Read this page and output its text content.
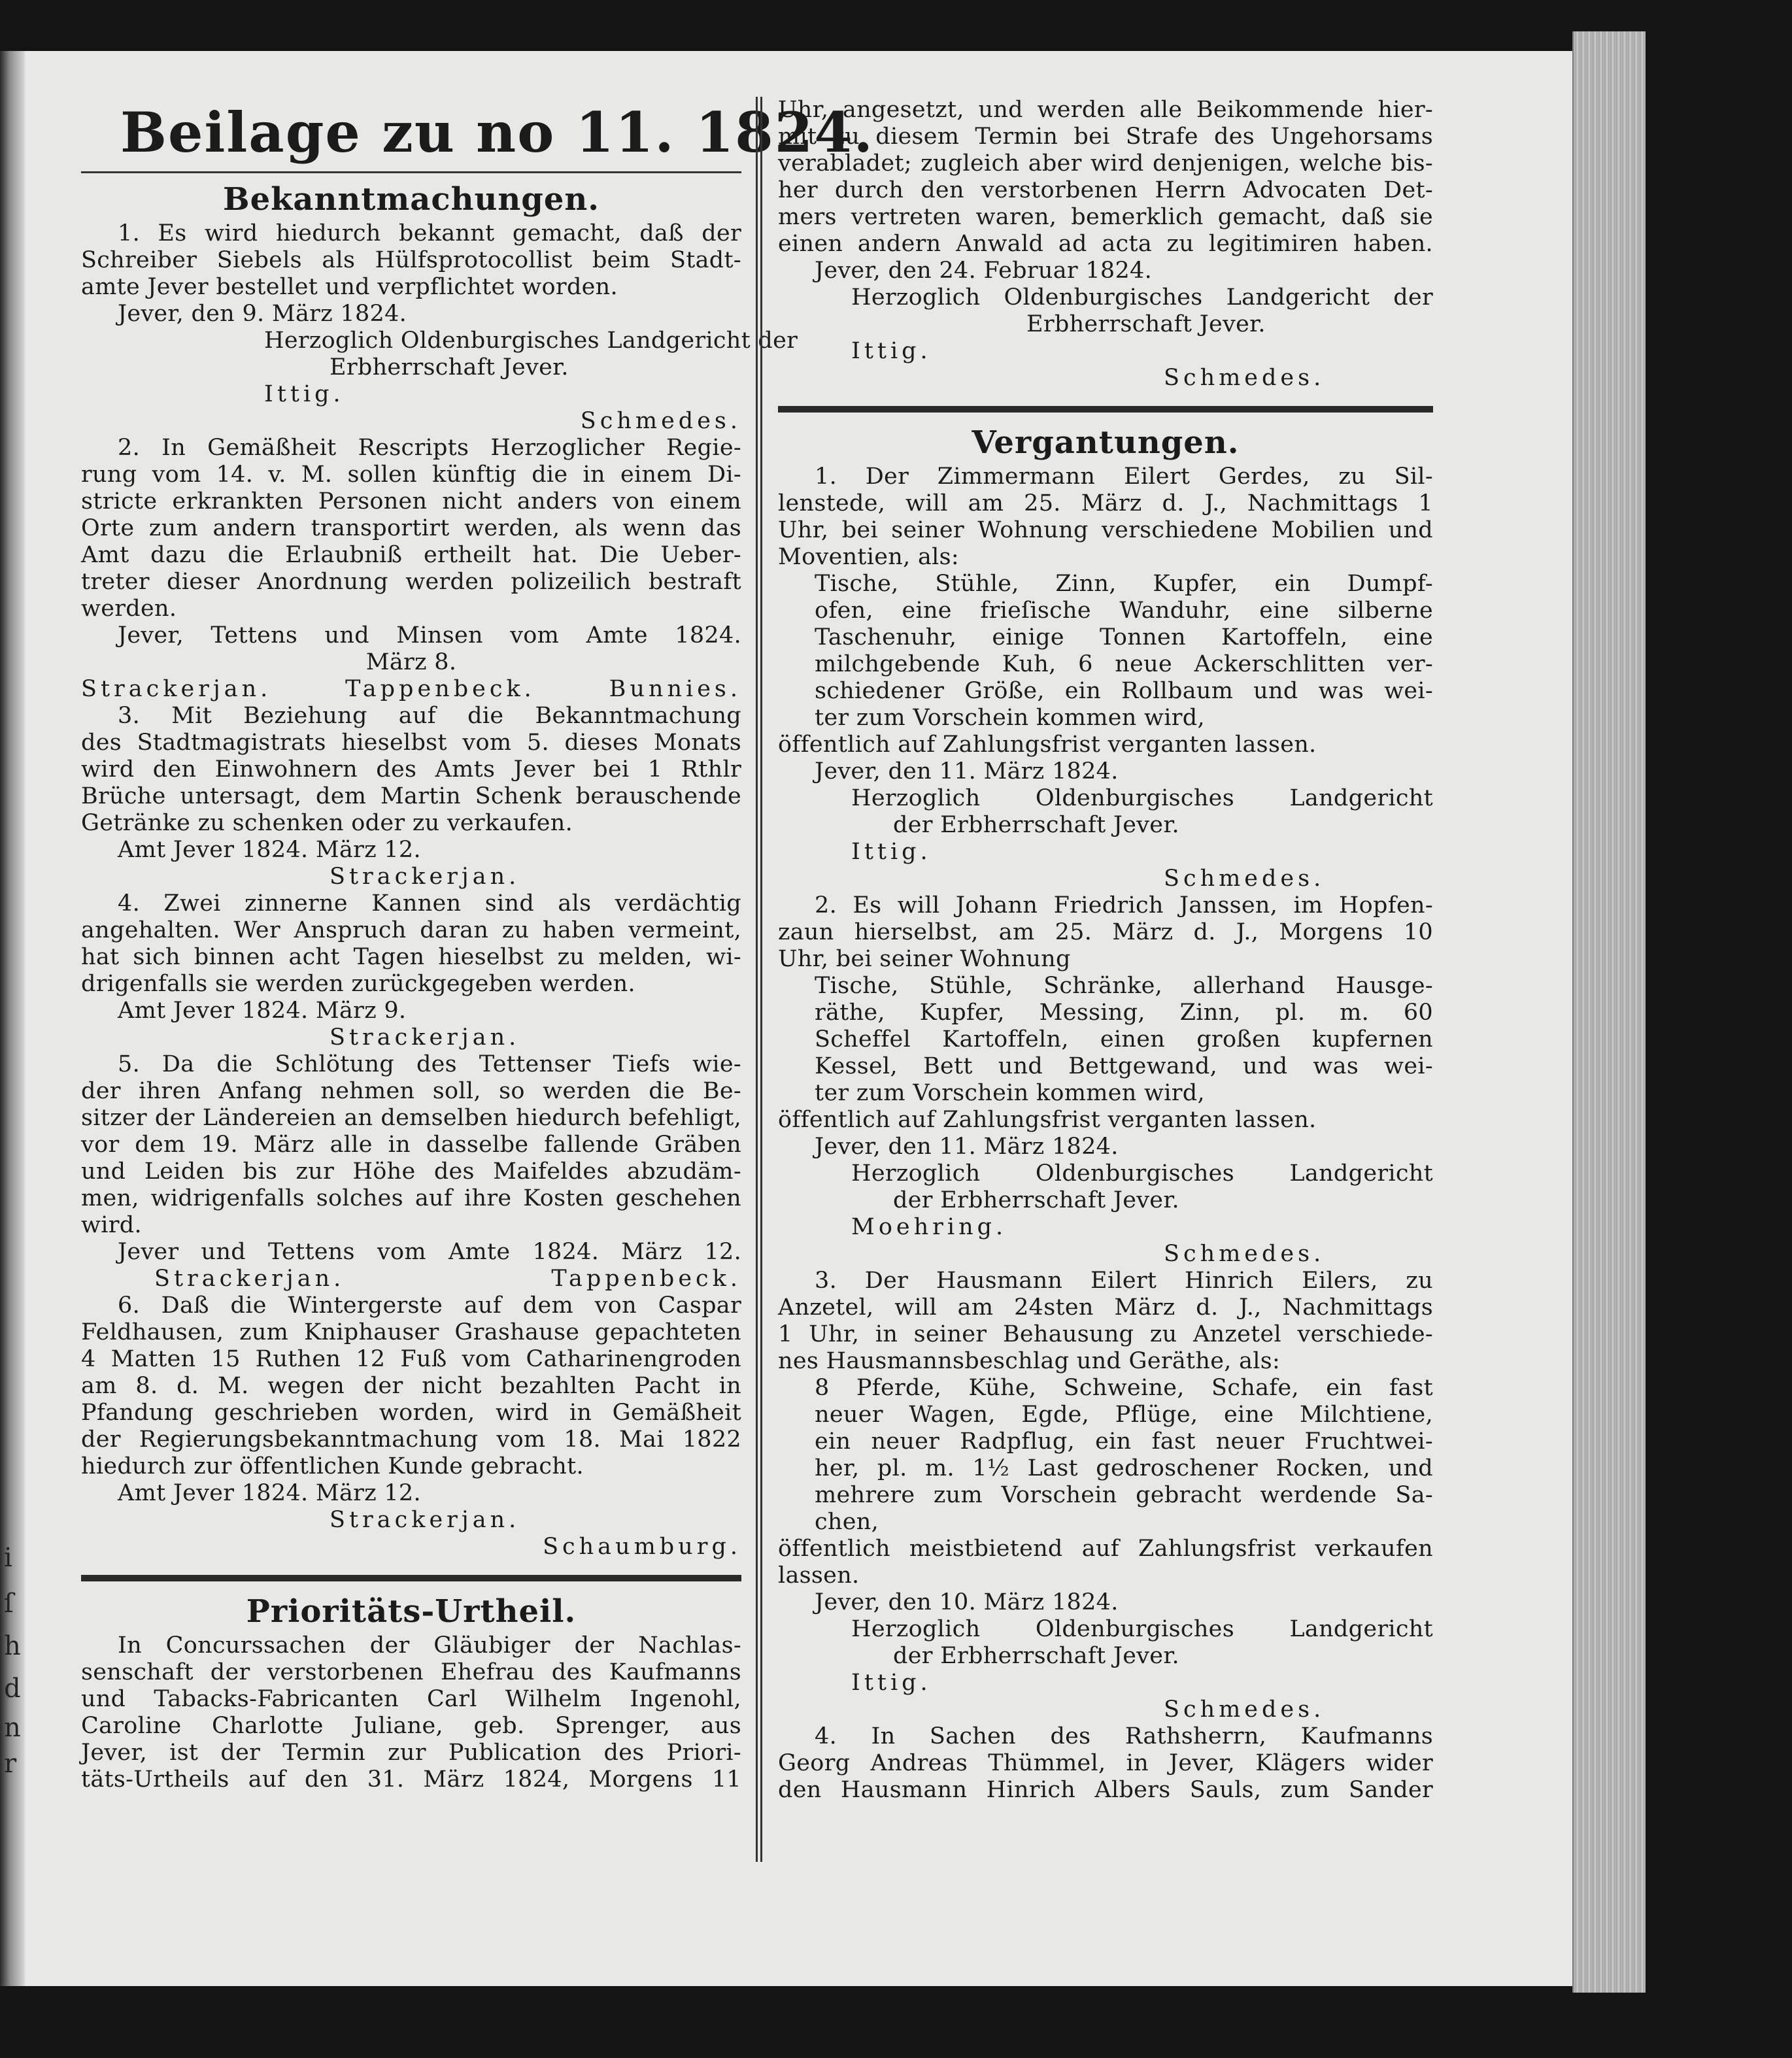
i
ſ
h
d
n
r
Beilage zu no 11. 1824.
Bekanntmachungen.
1. Es wird hiedurch bekannt gemacht, daß der
Schreiber Siebels als Hülfsprotocollist beim Stadt-
amte Jever bestellet und verpflichtet worden.
Jever, den 9. März 1824.
Herzoglich Oldenburgisches Landgericht der
Erbherrschaft Jever.
Ittig.
Schmedes.
2. In Gemäßheit Rescripts Herzoglicher Regie-
rung vom 14. v. M. sollen künftig die in einem Di-
stricte erkrankten Personen nicht anders von einem
Orte zum andern transportirt werden, als wenn das
Amt dazu die Erlaubniß ertheilt hat. Die Ueber-
treter dieser Anordnung werden polizeilich bestraft
werden.
Jever, Tettens und Minsen vom Amte 1824.
März 8.
Strackerjan. Tappenbeck. Bunnies.
3. Mit Beziehung auf die Bekanntmachung
des Stadtmagistrats hieselbst vom 5. dieses Monats
wird den Einwohnern des Amts Jever bei 1 Rthlr
Brüche untersagt, dem Martin Schenk berauschende
Getränke zu schenken oder zu verkaufen.
Amt Jever 1824. März 12.
Strackerjan.
4. Zwei zinnerne Kannen sind als verdächtig
angehalten. Wer Anspruch daran zu haben vermeint,
hat sich binnen acht Tagen hieselbst zu melden, wi-
drigenfalls sie werden zurückgegeben werden.
Amt Jever 1824. März 9.
Strackerjan.
5. Da die Schlötung des Tettenser Tiefs wie-
der ihren Anfang nehmen soll, so werden die Be-
sitzer der Ländereien an demselben hiedurch befehligt,
vor dem 19. März alle in dasselbe fallende Gräben
und Leiden bis zur Höhe des Maifeldes abzudäm-
men, widrigenfalls solches auf ihre Kosten geschehen
wird.
Jever und Tettens vom Amte 1824. März 12.
Strackerjan. Tappenbeck.
6. Daß die Wintergerste auf dem von Caspar
Feldhausen, zum Kniphauser Grashause gepachteten
4 Matten 15 Ruthen 12 Fuß vom Catharinengroden
am 8. d. M. wegen der nicht bezahlten Pacht in
Pfandung geschrieben worden, wird in Gemäßheit
der Regierungsbekanntmachung vom 18. Mai 1822
hiedurch zur öffentlichen Kunde gebracht.
Amt Jever 1824. März 12.
Strackerjan.
Schaumburg.
Prioritäts-Urtheil.
In Concurssachen der Gläubiger der Nachlas-
senschaft der verstorbenen Ehefrau des Kaufmanns
und Tabacks-Fabricanten Carl Wilhelm Ingenohl,
Caroline Charlotte Juliane, geb. Sprenger, aus
Jever, ist der Termin zur Publication des Priori-
täts-Urtheils auf den 31. März 1824, Morgens 11
Uhr, angesetzt, und werden alle Beikommende hier-
mit zu diesem Termin bei Strafe des Ungehorsams
verabladet; zugleich aber wird denjenigen, welche bis-
her durch den verstorbenen Herrn Advocaten Det-
mers vertreten waren, bemerklich gemacht, daß sie
einen andern Anwald ad acta zu legitimiren haben.
Jever, den 24. Februar 1824.
Herzoglich Oldenburgisches Landgericht der
Erbherrschaft Jever.
Ittig.
Schmedes.
Vergantungen.
1. Der Zimmermann Eilert Gerdes, zu Sil-
lenstede, will am 25. März d. J., Nachmittags 1
Uhr, bei seiner Wohnung verschiedene Mobilien und
Moventien, als:
Tische, Stühle, Zinn, Kupfer, ein Dumpf-
ofen, eine frieſische Wanduhr, eine silberne
Taschenuhr, einige Tonnen Kartoffeln, eine
milchgebende Kuh, 6 neue Ackerschlitten ver-
schiedener Größe, ein Rollbaum und was wei-
ter zum Vorschein kommen wird,
öffentlich auf Zahlungsfrist verganten lassen.
Jever, den 11. März 1824.
Herzoglich Oldenburgisches Landgericht
der Erbherrschaft Jever.
Ittig.
Schmedes.
2. Es will Johann Friedrich Janssen, im Hopfen-
zaun hierselbst, am 25. März d. J., Morgens 10
Uhr, bei seiner Wohnung
Tische, Stühle, Schränke, allerhand Hausge-
räthe, Kupfer, Messing, Zinn, pl. m. 60
Scheffel Kartoffeln, einen großen kupfernen
Kessel, Bett und Bettgewand, und was wei-
ter zum Vorschein kommen wird,
öffentlich auf Zahlungsfrist verganten lassen.
Jever, den 11. März 1824.
Herzoglich Oldenburgisches Landgericht
der Erbherrschaft Jever.
Moehring.
Schmedes.
3. Der Hausmann Eilert Hinrich Eilers, zu
Anzetel, will am 24sten März d. J., Nachmittags
1 Uhr, in seiner Behausung zu Anzetel verschiede-
nes Hausmannsbeschlag und Geräthe, als:
8 Pferde, Kühe, Schweine, Schafe, ein fast
neuer Wagen, Egde, Pflüge, eine Milchtiene,
ein neuer Radpflug, ein fast neuer Fruchtwei-
her, pl. m. 1½ Last gedroschener Rocken, und
mehrere zum Vorschein gebracht werdende Sa-
chen,
öffentlich meistbietend auf Zahlungsfrist verkaufen
lassen.
Jever, den 10. März 1824.
Herzoglich Oldenburgisches Landgericht
der Erbherrschaft Jever.
Ittig.
Schmedes.
4. In Sachen des Rathsherrn, Kaufmanns
Georg Andreas Thümmel, in Jever, Klägers wider
den Hausmann Hinrich Albers Sauls, zum Sander
